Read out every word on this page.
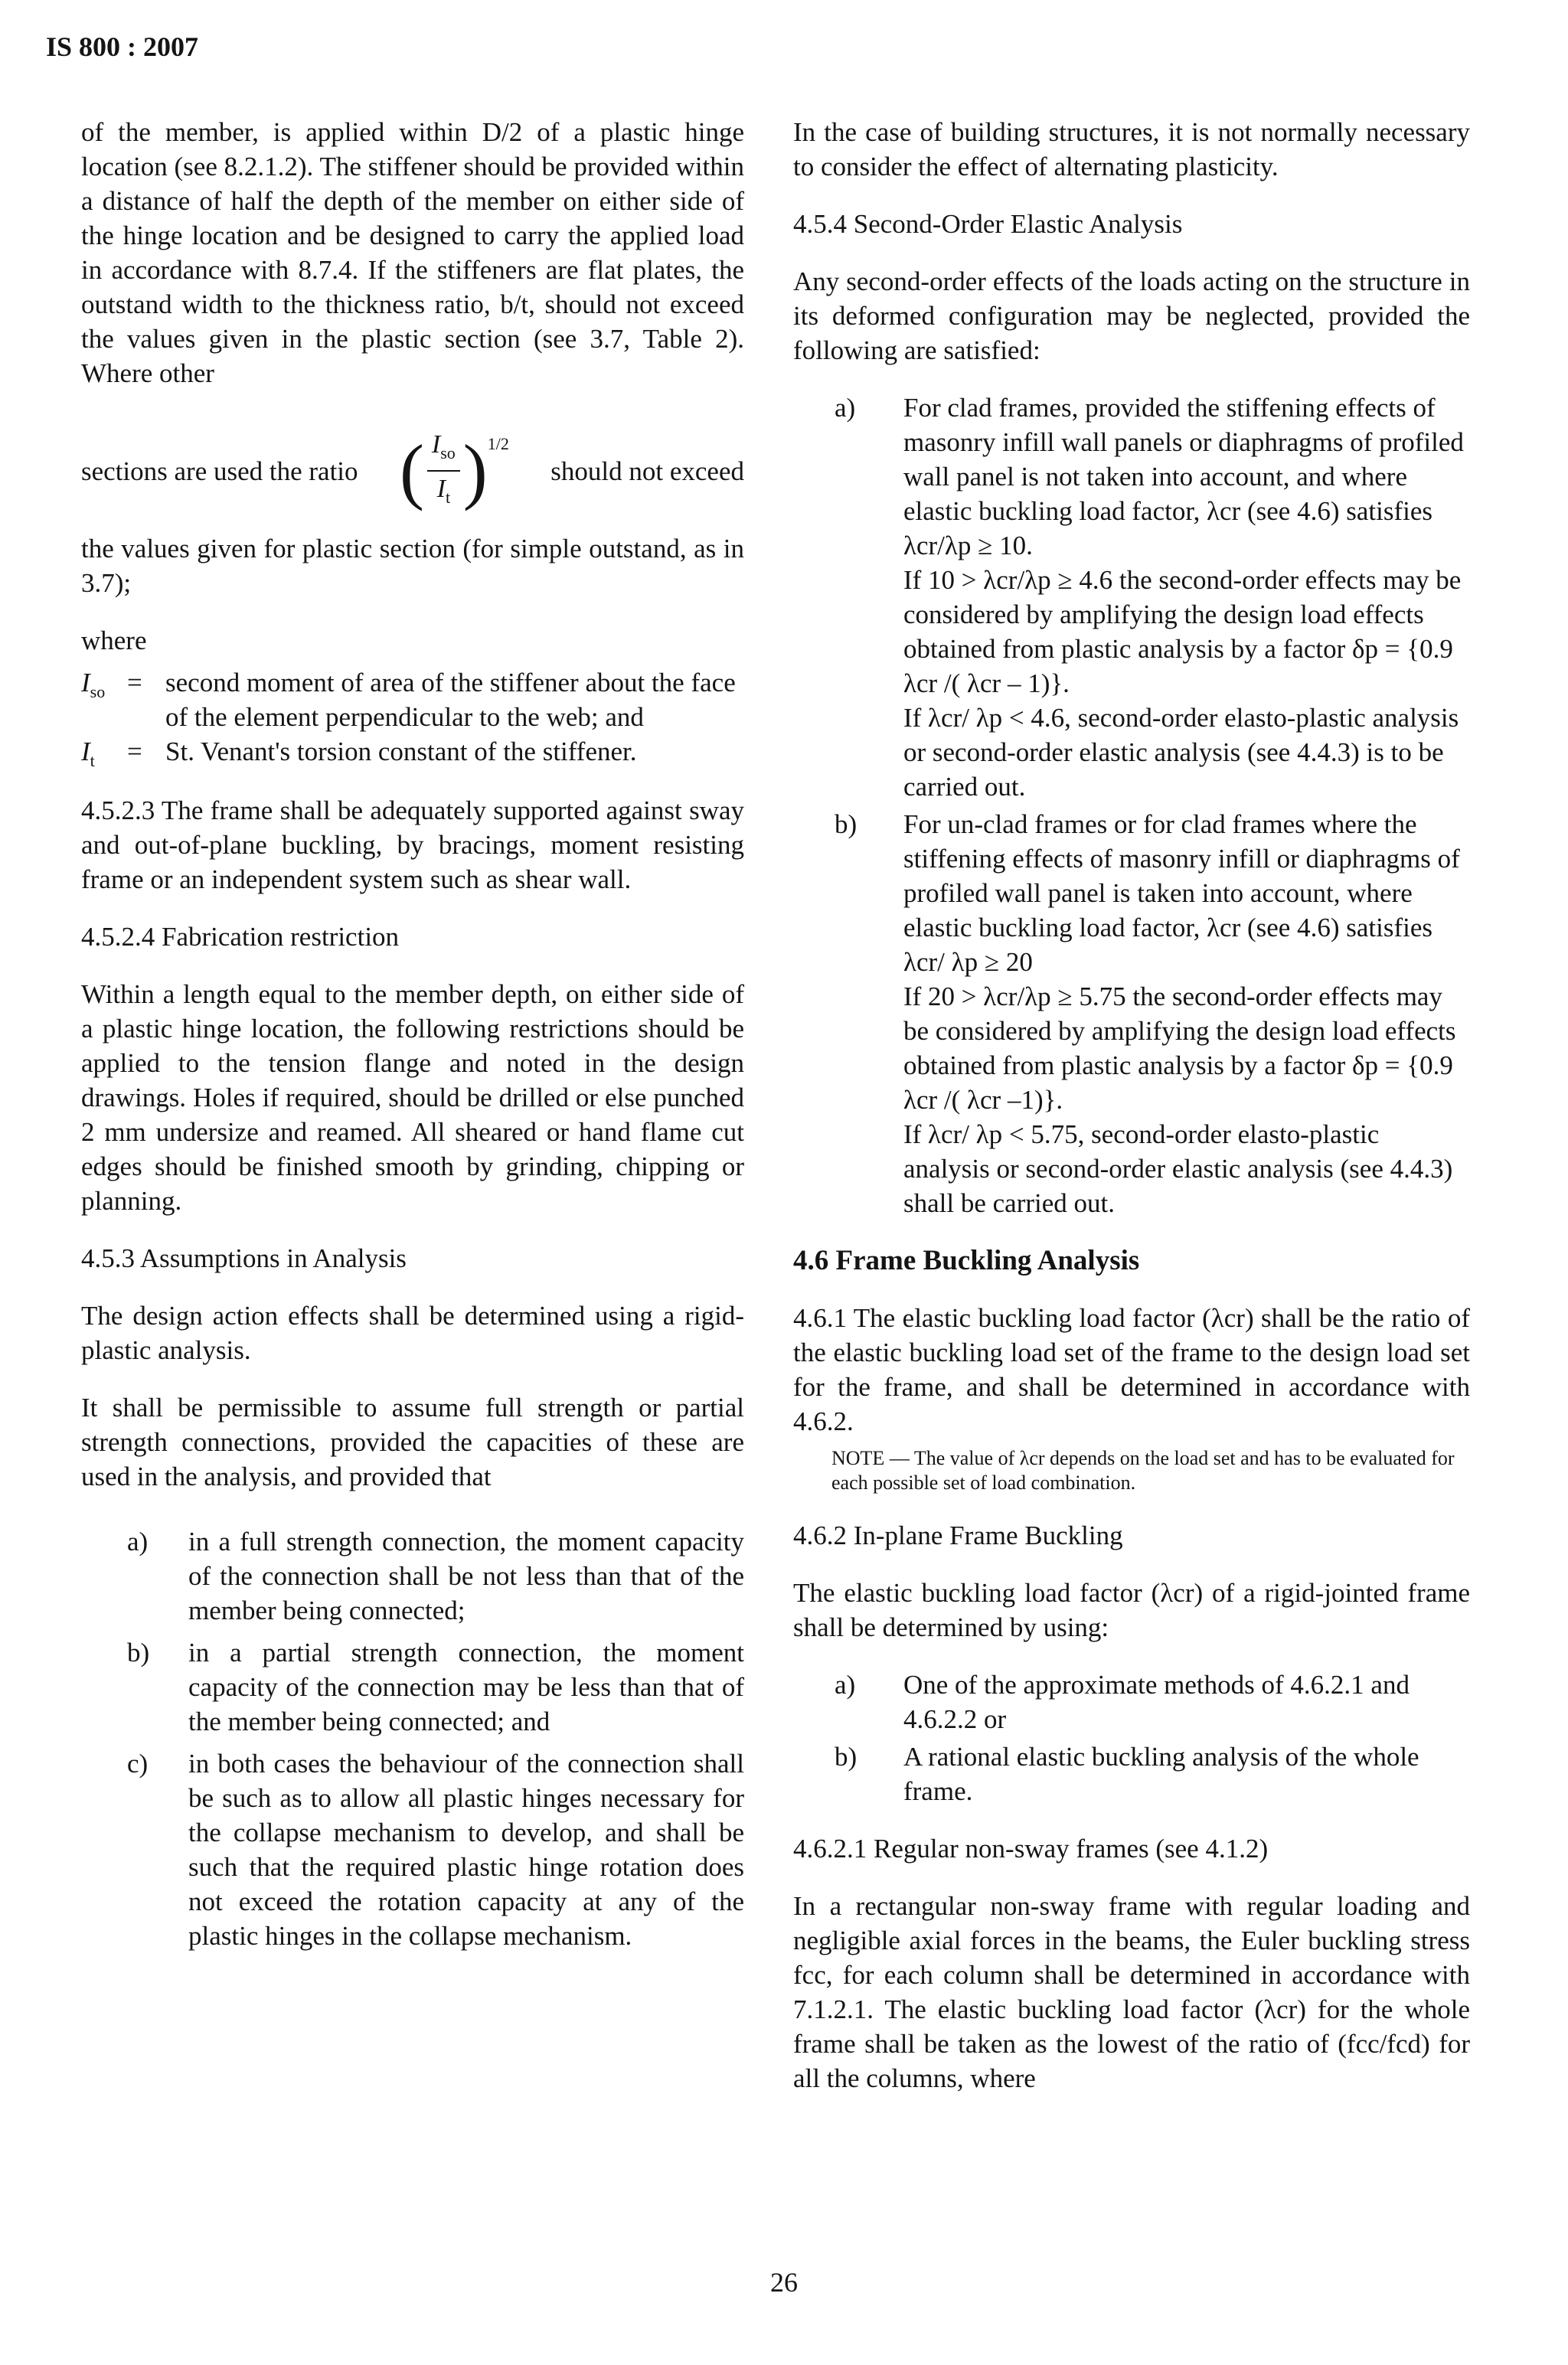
IS 800 : 2007

of the member, is applied within D/2 of a plastic hinge location (see 8.2.1.2). The stiffener should be provided within a distance of half the depth of the member on either side of the hinge location and be designed to carry the applied load in accordance with 8.7.4. If the stiffeners are flat plates, the outstand width to the thickness ratio, b/t, should not exceed the values given in the plastic section (see 3.7, Table 2). Where other

sections are used the ratio ( $\frac{I_{so}}{I_t}$ ) 1/2
should not exceed

the values given for plastic section (for simple outstand, as in 3.7);

where

$I_{so}$ = second moment of area of the stiffener about the face of the element perpendicular to the web; and
$I_t$	= St. Venant's torsion constant of the stiffener.

4.5.2.3 The frame shall be adequately supported against sway and out-of-plane buckling, by bracings, moment resisting frame or an independent system such as shear wall.

4.5.2.4 Fabrication restriction

Within a length equal to the member depth, on either side of a plastic hinge location, the following restrictions should be applied to the tension flange and noted in the design drawings. Holes if required, should be drilled or else punched 2 mm undersize and reamed. All sheared or hand flame cut edges should be finished smooth by grinding, chipping or planning.

4.5.3 Assumptions in Analysis

The design action effects shall be determined using a rigid-plastic analysis.

It shall be permissible to assume full strength or partial strength connections, provided the capacities of these are used in the analysis, and provided that

a)	in a full strength connection, the moment capacity of the connection shall be not less than that of the member being connected;
b)	in a partial strength connection, the moment capacity of the connection may be less than that of the member being connected; and
c)	in both cases the behaviour of the connection shall be such as to allow all plastic hinges necessary for the collapse mechanism to develop, and shall be such that the required plastic hinge rotation does not exceed the rotation capacity at any of the plastic hinges in the collapse mechanism.

In the case of building structures, it is not normally necessary to consider the effect of alternating plasticity.

4.5.4 Second-Order Elastic Analysis

Any second-order effects of the loads acting on the structure in its deformed configuration may be neglected, provided the following are satisfied:

a)	For clad frames, provided the stiffening effects of masonry infill wall panels or diaphragms of profiled wall panel is not taken into account, and where elastic buckling load factor, λcr (see 4.6) satisfies λcr/λp ≥ 10.
If 10 > λcr/λp ≥ 4.6 the second-order effects may be considered by amplifying the design load effects obtained from plastic analysis by a factor δp = {0.9 λcr /( λcr – 1)}.
If λcr/ λp < 4.6, second-order elasto-plastic analysis or second-order elastic analysis (see 4.4.3) is to be carried out.
b)	For un-clad frames or for clad frames where the stiffening effects of masonry infill or diaphragms of profiled wall panel is taken into account, where elastic buckling load factor, λcr (see 4.6) satisfies λcr/ λp ≥ 20
If 20 > λcr/λp ≥ 5.75 the second-order effects may be considered by amplifying the design load effects obtained from plastic analysis by a factor δp = {0.9 λcr /( λcr –1)}.
If λcr/ λp < 5.75, second-order elasto-plastic analysis or second-order elastic analysis (see 4.4.3) shall be carried out.
4.6 Frame Buckling Analysis

4.6.1 The elastic buckling load factor (λcr) shall be the ratio of the elastic buckling load set of the frame to the design load set for the frame, and shall be determined in accordance with 4.6.2.

NOTE — The value of λcr depends on the load set and has to be evaluated for each possible set of load combination.

4.6.2 In-plane Frame Buckling

The elastic buckling load factor (λcr) of a rigid-jointed frame shall be determined by using:

a)	One of the approximate methods of 4.6.2.1 and 4.6.2.2 or
b)	A rational elastic buckling analysis of the whole frame.

4.6.2.1 Regular non-sway frames (see 4.1.2)

In a rectangular non-sway frame with regular loading and negligible axial forces in the beams, the Euler buckling stress fcc, for each column shall be determined in accordance with 7.1.2.1. The elastic buckling load factor (λcr) for the whole frame shall be taken as the lowest of the ratio of (fcc/fcd) for all the columns, where

26
